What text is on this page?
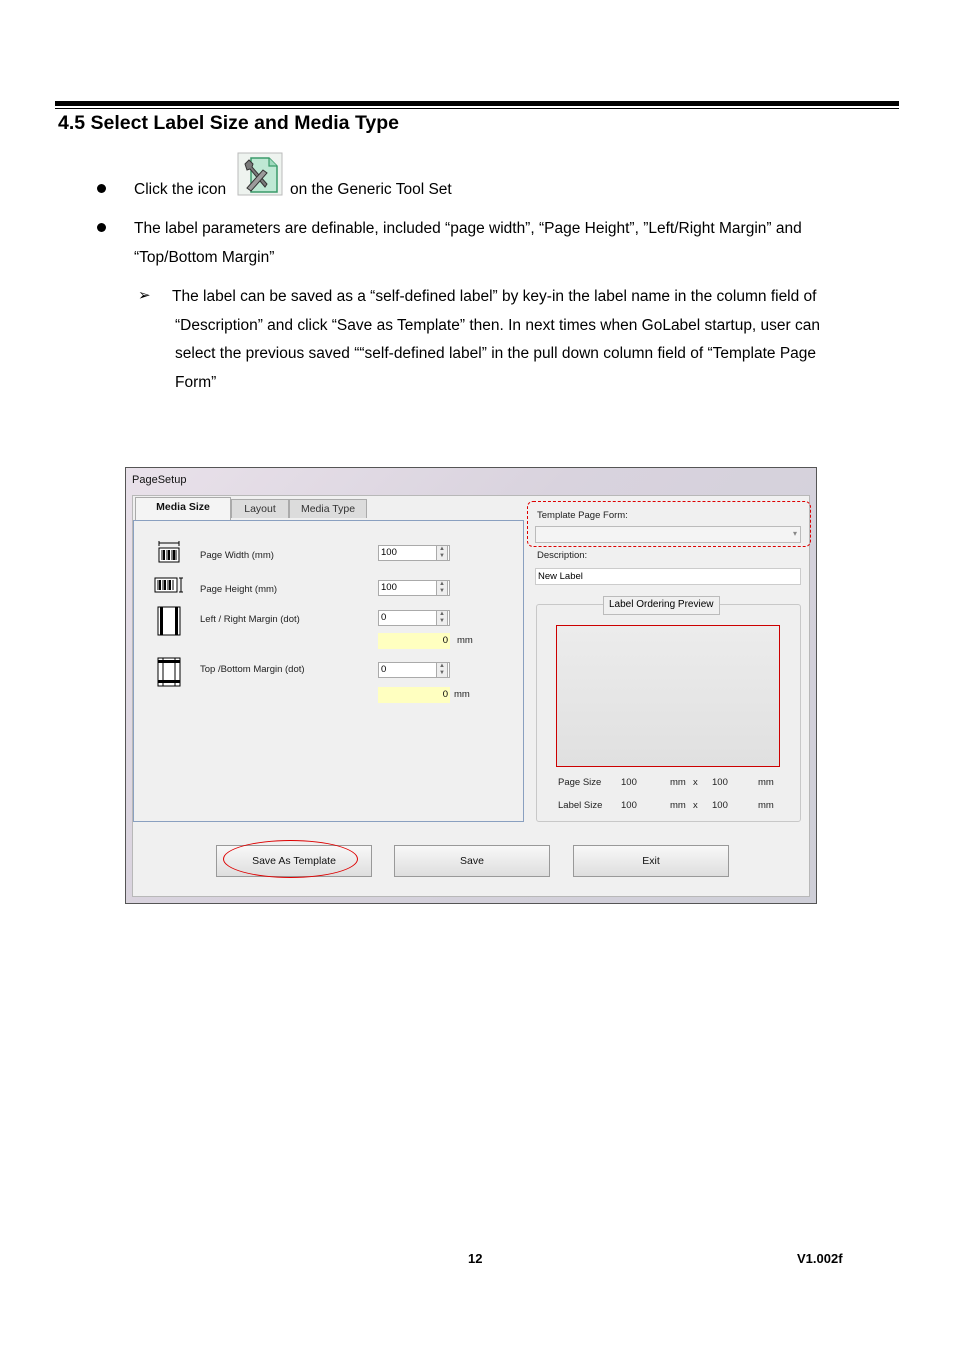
4.5 Select Label Size and Media Type
Click the icon	on the Generic Tool Set
The label parameters are definable, included “page width”, “Page Height”, ”Left/Right Margin” and
“Top/Bottom Margin”
➢ The label can be saved as a “self-defined label” by key-in the label name in the column field of
“Description” and click “Save as Template” then. In next times when GoLabel startup, user can
select the previous saved ““self-defined label” in the pull down column field of “Template Page
Form”
PageSetup
Media Size	Layout	Media Type
Page Width (mm)	100	▲
▼
Page Height (mm)	100	▲
▼
Left / Right Margin (dot)	0	▲
▼
0 mm
Top /Bottom Margin (dot)	0	▲
▼
0 mm
Template Page Form:
▾
Description:
New Label
Label Ordering Preview
Page Size 100	mm x 100	mm
Label Size 100	mm x 100	mm
Save As Template	Save	Exit
12	V1.002f
